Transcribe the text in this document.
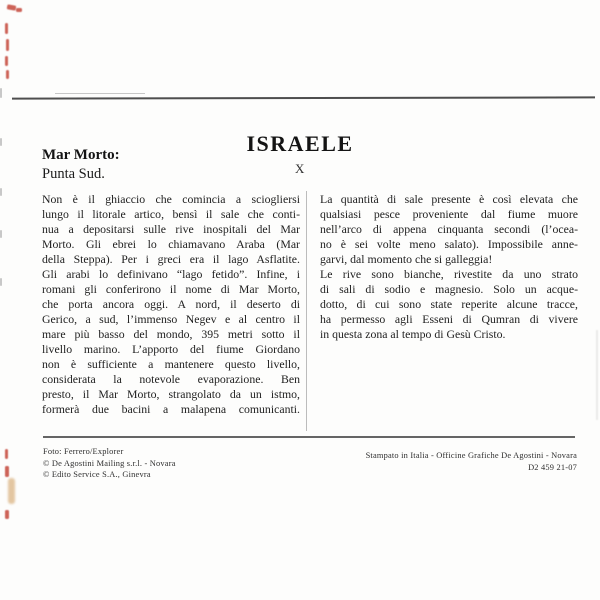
ISRAELE
X
Mar Morto:
Punta Sud.
Non è il ghiaccio che comincia a sciogliersi
lungo il litorale artico, bensì il sale che conti-
nua a depositarsi sulle rive inospitali del Mar
Morto. Gli ebrei lo chiamavano Araba (Mar
della Steppa). Per i greci era il lago Asflatite.
Gli arabi lo definivano “lago fetido”. Infine, i
romani gli conferirono il nome di Mar Morto,
che porta ancora oggi. A nord, il deserto di
Gerico, a sud, l’immenso Negev e al centro il
mare più basso del mondo, 395 metri sotto il
livello marino. L’apporto del fiume Giordano
non è sufficiente a mantenere questo livello,
considerata la notevole evaporazione. Ben
presto, il Mar Morto, strangolato da un istmo,
formerà due bacini a malapena comunicanti.
La quantità di sale presente è così elevata che
qualsiasi pesce proveniente dal fiume muore
nell’arco di appena cinquanta secondi (l’ocea-
no è sei volte meno salato). Impossibile anne-
garvi, dal momento che si galleggia!
Le rive sono bianche, rivestite da uno strato
di sali di sodio e magnesio. Solo un acque-
dotto, di cui sono state reperite alcune tracce,
ha permesso agli Esseni di Qumran di vivere
in questa zona al tempo di Gesù Cristo.
Foto: Ferrero/Explorer
© De Agostini Mailing s.r.l. - Novara
© Edito Service S.A., Ginevra
Stampato in Italia - Officine Grafiche De Agostini - Novara
D2 459 21-07
